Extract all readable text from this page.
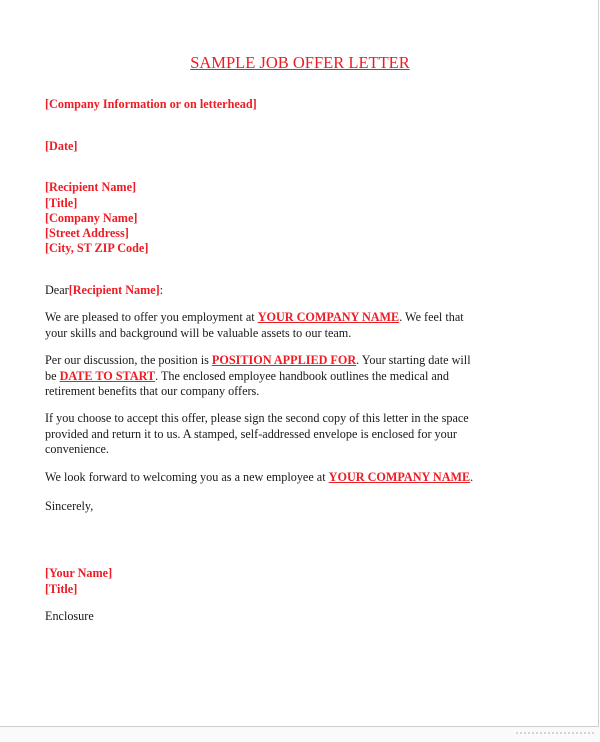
SAMPLE JOB OFFER LETTER
[Company Information or on letterhead]
[Date]
[Recipient Name]
[Title]
[Company Name]
[Street Address]
[City, ST ZIP Code]
Dear[Recipient Name]:
We are pleased to offer you employment at YOUR COMPANY NAME. We feel that
your skills and background will be valuable assets to our team.
Per our discussion, the position is POSITION APPLIED FOR. Your starting date will
be DATE TO START. The enclosed employee handbook outlines the medical and
retirement benefits that our company offers.
If you choose to accept this offer, please sign the second copy of this letter in the space
provided and return it to us. A stamped, self-addressed envelope is enclosed for your
convenience.
We look forward to welcoming you as a new employee at YOUR COMPANY NAME.
Sincerely,
[Your Name]
[Title]
Enclosure
